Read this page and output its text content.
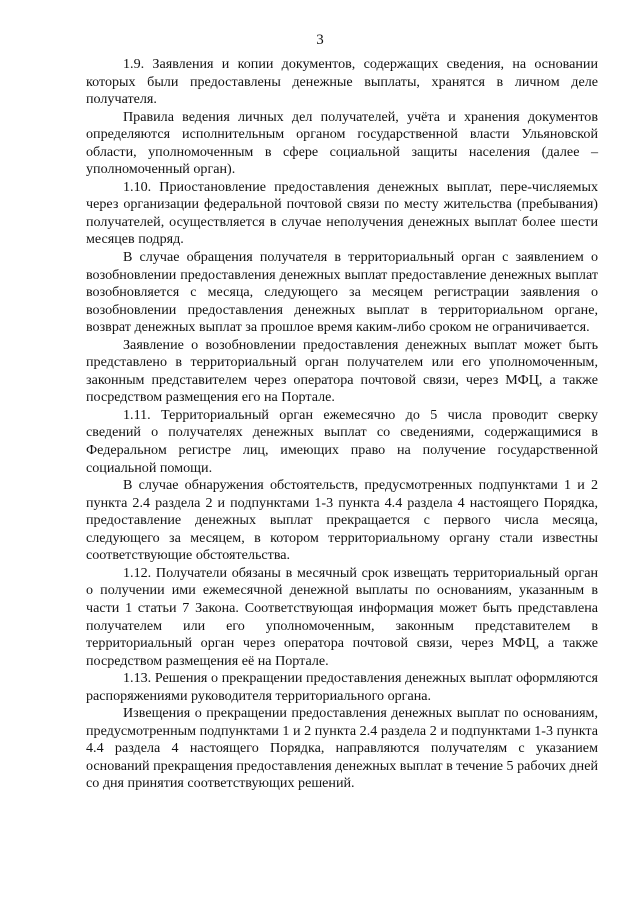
3

1.9. Заявления и копии документов, содержащих сведения, на основании которых были предоставлены денежные выплаты, хранятся в личном деле получателя.

Правила ведения личных дел получателей, учёта и хранения документов определяются исполнительным органом государственной власти Ульяновской области, уполномоченным в сфере социальной защиты населения (далее – уполномоченный орган).

1.10. Приостановление предоставления денежных выплат, пере-числяемых через организации федеральной почтовой связи по месту жительства (пребывания) получателей, осуществляется в случае неполучения денежных выплат более шести месяцев подряд.

В случае обращения получателя в территориальный орган с заявлением о возобновлении предоставления денежных выплат предоставление денежных выплат возобновляется с месяца, следующего за месяцем регистрации заявления о возобновлении предоставления денежных выплат в территориальном органе, возврат денежных выплат за прошлое время каким-либо сроком не ограничивается.

Заявление о возобновлении предоставления денежных выплат может быть представлено в территориальный орган получателем или его уполномоченным, законным представителем через оператора почтовой связи, через МФЦ, а также посредством размещения его на Портале.

1.11. Территориальный орган ежемесячно до 5 числа проводит сверку сведений о получателях денежных выплат со сведениями, содержащимися в Федеральном регистре лиц, имеющих право на получение государственной социальной помощи.

В случае обнаружения обстоятельств, предусмотренных подпунктами 1 и 2 пункта 2.4 раздела 2 и подпунктами 1-3 пункта 4.4 раздела 4 настоящего Порядка, предоставление денежных выплат прекращается с первого числа месяца, следующего за месяцем, в котором территориальному органу стали известны соответствующие обстоятельства.

1.12. Получатели обязаны в месячный срок извещать территориальный орган о получении ими ежемесячной денежной выплаты по основаниям, указанным в части 1 статьи 7 Закона. Соответствующая информация может быть представлена получателем или его уполномоченным, законным представителем в территориальный орган через оператора почтовой связи, через МФЦ, а также посредством размещения её на Портале.

1.13. Решения о прекращении предоставления денежных выплат оформляются распоряжениями руководителя территориального органа.

Извещения о прекращении предоставления денежных выплат по основаниям, предусмотренным подпунктами 1 и 2 пункта 2.4 раздела 2 и подпунктами 1-3 пункта 4.4 раздела 4 настоящего Порядка, направляются получателям с указанием оснований прекращения предоставления денежных выплат в течение 5 рабочих дней со дня принятия соответствующих решений.
